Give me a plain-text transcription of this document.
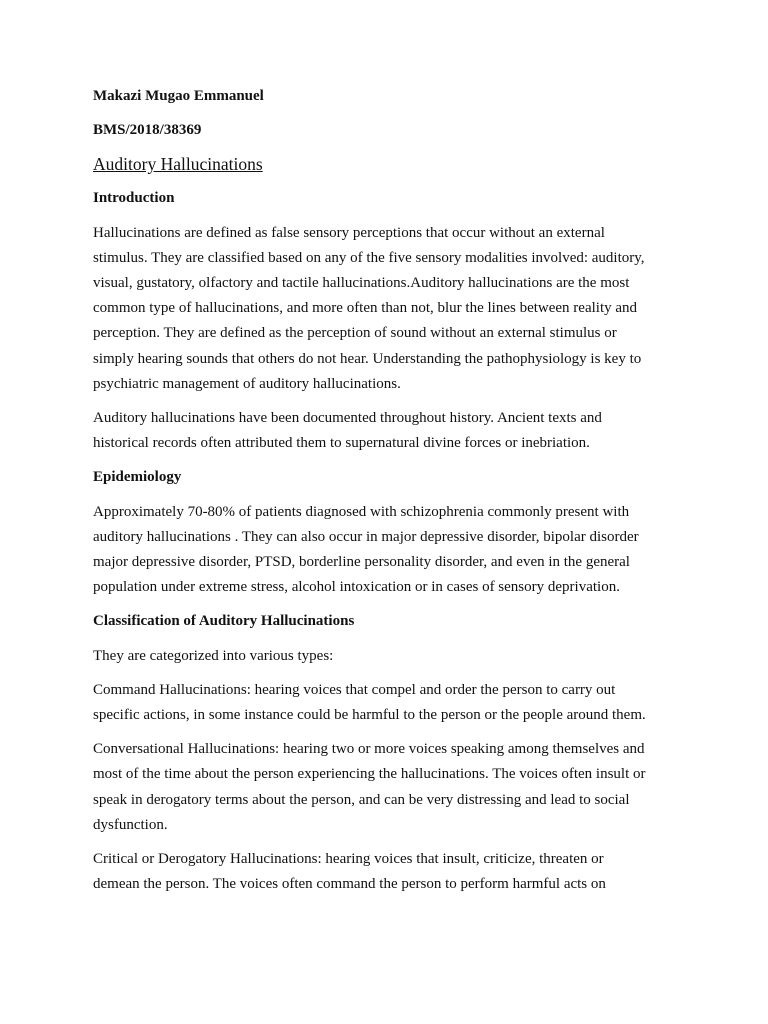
Makazi Mugao Emmanuel
BMS/2018/38369
Auditory Hallucinations
Introduction
Hallucinations are defined as false sensory perceptions that occur without an external
stimulus. They are classified based on any of the five sensory modalities involved: auditory,
visual, gustatory, olfactory and tactile hallucinations.Auditory hallucinations are the most
common type of hallucinations, and more often than not, blur the lines between reality and
perception. They are defined as the perception of sound without an external stimulus or
simply hearing sounds that others do not hear. Understanding the pathophysiology is key to
psychiatric management of auditory hallucinations.
Auditory hallucinations have been documented throughout history. Ancient texts and
historical records often attributed them to supernatural divine forces or inebriation.
Epidemiology
Approximately 70-80% of patients diagnosed with schizophrenia commonly present with
auditory hallucinations . They can also occur in major depressive disorder, bipolar disorder
major depressive disorder, PTSD, borderline personality disorder, and even in the general
population under extreme stress, alcohol intoxication or in cases of sensory deprivation.
Classification of Auditory Hallucinations
They are categorized into various types:
Command Hallucinations: hearing voices that compel and order the person to carry out
specific actions, in some instance could be harmful to the person or the people around them.
Conversational Hallucinations: hearing two or more voices speaking among themselves and
most of the time about the person experiencing the hallucinations. The voices often insult or
speak in derogatory terms about the person, and can be very distressing and lead to social
dysfunction.
Critical or Derogatory Hallucinations: hearing voices that insult, criticize, threaten or
demean the person. The voices often command the person to perform harmful acts on
